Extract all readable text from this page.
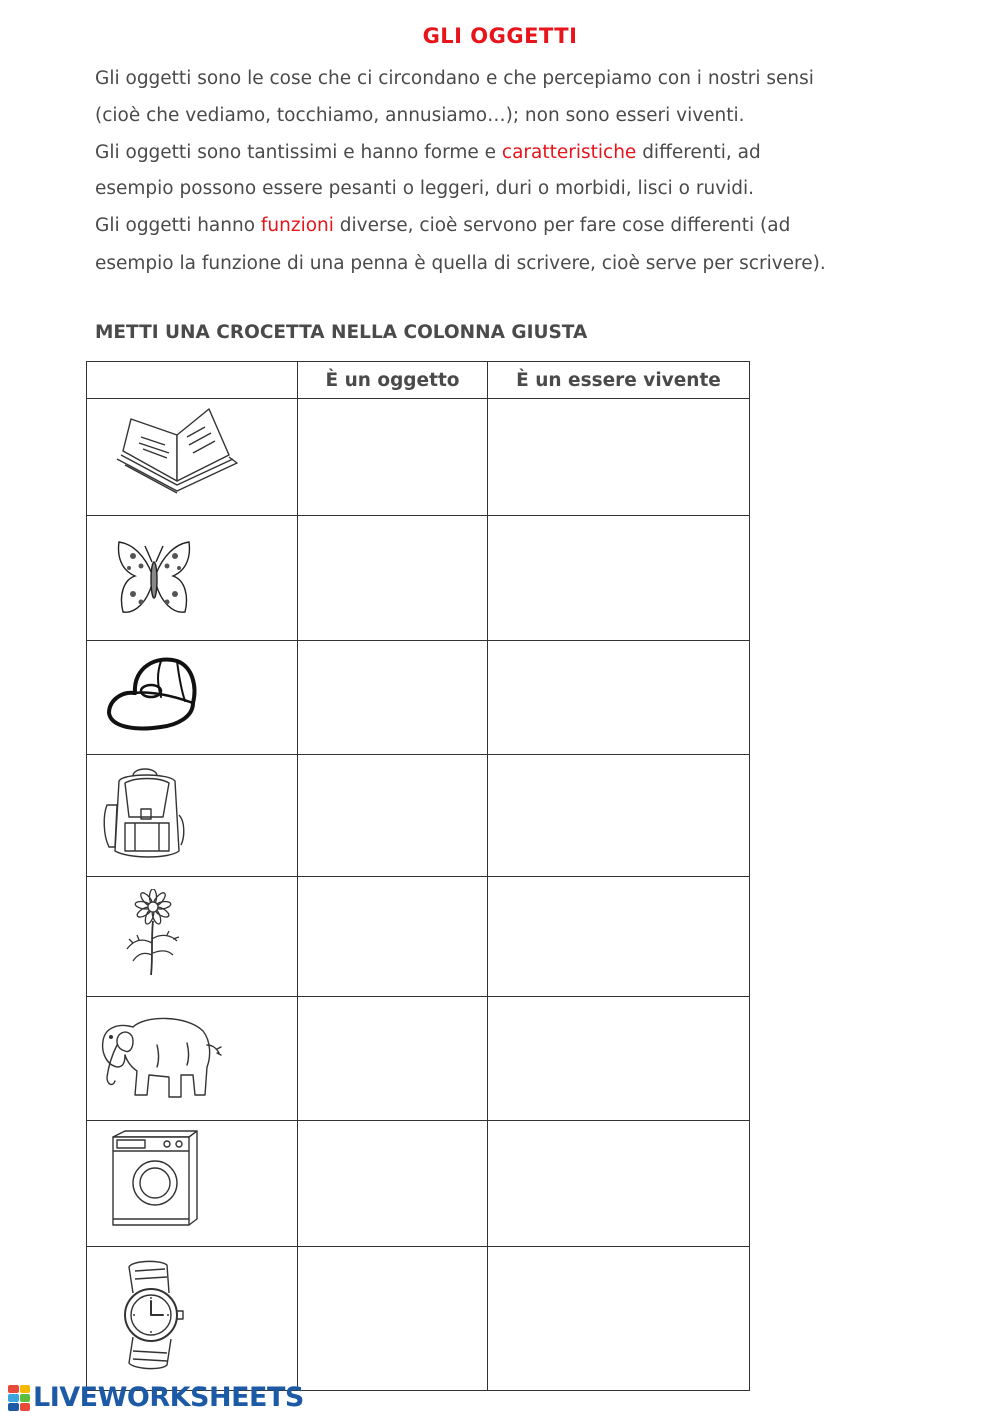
GLI OGGETTI
Gli oggetti sono le cose che ci circondano e che percepiamo con i nostri sensi
(cioè che vediamo, tocchiamo, annusiamo…); non sono esseri viventi.
Gli oggetti sono tantissimi e hanno forme e caratteristiche differenti, ad
esempio possono essere pesanti o leggeri, duri o morbidi, lisci o ruvidi.
Gli oggetti hanno funzioni diverse, cioè servono per fare cose differenti (ad
esempio la funzione di una penna è quella di scrivere, cioè serve per scrivere).
METTI UNA CROCETTA NELLA COLONNA GIUSTA
	È un oggetto	È un essere vivente

LIVEWORKSHEETS
